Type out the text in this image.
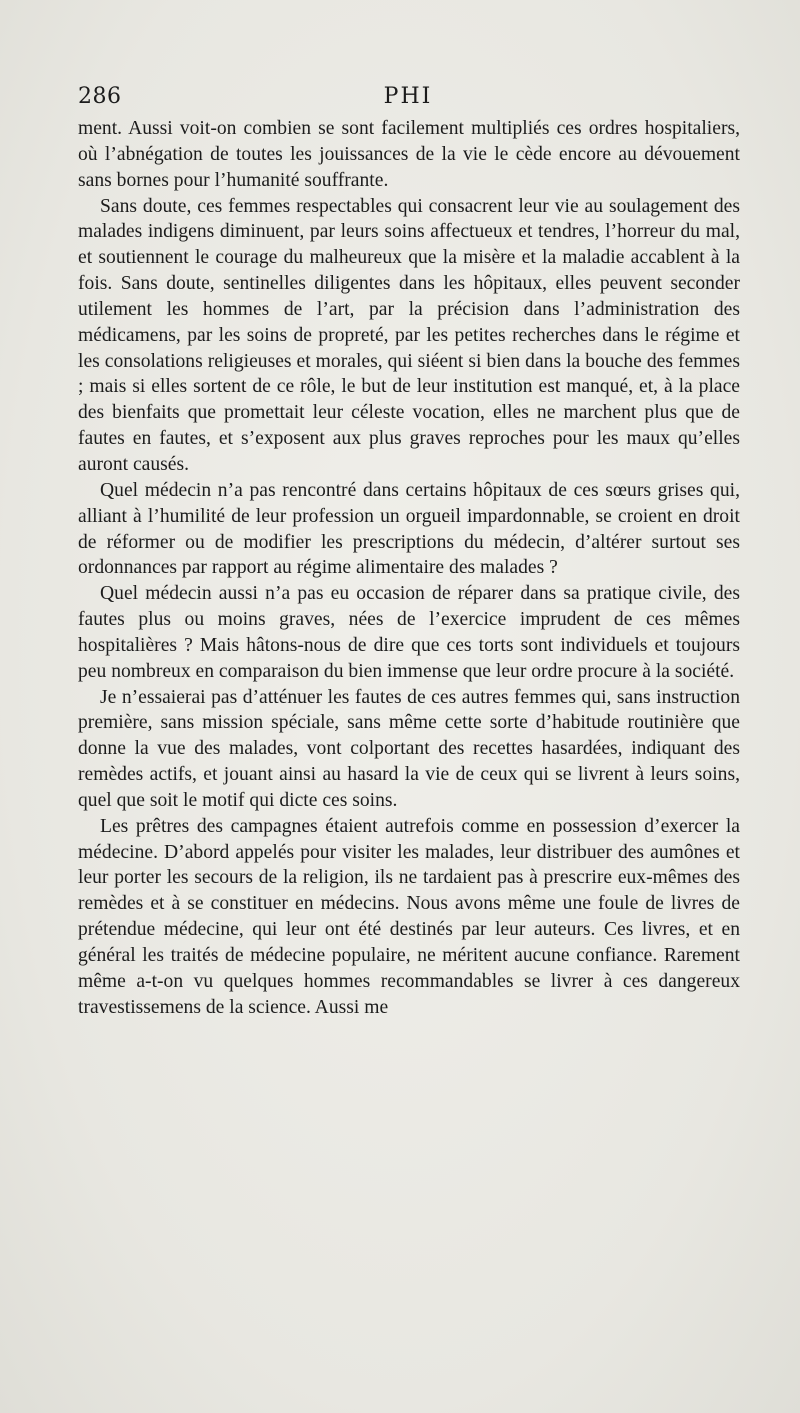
286	PHI

ment. Aussi voit-on combien se sont facilement multipliés ces ordres hospitaliers, où l’abnégation de toutes les jouissances de la vie le cède encore au dévouement sans bornes pour l’humanité souffrante.

Sans doute, ces femmes respectables qui consacrent leur vie au soulagement des malades indigens diminuent, par leurs soins affectueux et tendres, l’horreur du mal, et soutiennent le courage du malheureux que la misère et la maladie accablent à la fois. Sans doute, sentinelles diligentes dans les hôpitaux, elles peuvent seconder utilement les hommes de l’art, par la précision dans l’administration des médicamens, par les soins de propreté, par les petites recherches dans le régime et les consolations religieuses et morales, qui siéent si bien dans la bouche des femmes ; mais si elles sortent de ce rôle, le but de leur institution est manqué, et, à la place des bienfaits que promettait leur céleste vocation, elles ne marchent plus que de fautes en fautes, et s’exposent aux plus graves reproches pour les maux qu’elles auront causés.

Quel médecin n’a pas rencontré dans certains hôpitaux de ces sœurs grises qui, alliant à l’humilité de leur profession un orgueil impardonnable, se croient en droit de réformer ou de modifier les prescriptions du médecin, d’altérer surtout ses ordonnances par rapport au régime alimentaire des malades ?

Quel médecin aussi n’a pas eu occasion de réparer dans sa pratique civile, des fautes plus ou moins graves, nées de l’exercice imprudent de ces mêmes hospitalières ? Mais hâtons-nous de dire que ces torts sont individuels et toujours peu nombreux en comparaison du bien immense que leur ordre procure à la société.

Je n’essaierai pas d’atténuer les fautes de ces autres femmes qui, sans instruction première, sans mission spéciale, sans même cette sorte d’habitude routinière que donne la vue des malades, vont colportant des recettes hasardées, indiquant des remèdes actifs, et jouant ainsi au hasard la vie de ceux qui se livrent à leurs soins, quel que soit le motif qui dicte ces soins.

Les prêtres des campagnes étaient autrefois comme en possession d’exercer la médecine. D’abord appelés pour visiter les malades, leur distribuer des aumônes et leur porter les secours de la religion, ils ne tardaient pas à prescrire eux-mêmes des remèdes et à se constituer en médecins. Nous avons même une foule de livres de prétendue médecine, qui leur ont été destinés par leur auteurs. Ces livres, et en général les traités de médecine populaire, ne méritent aucune confiance. Rarement même a-t-on vu quelques hommes recommandables se livrer à ces dangereux travestissemens de la science. Aussi me
